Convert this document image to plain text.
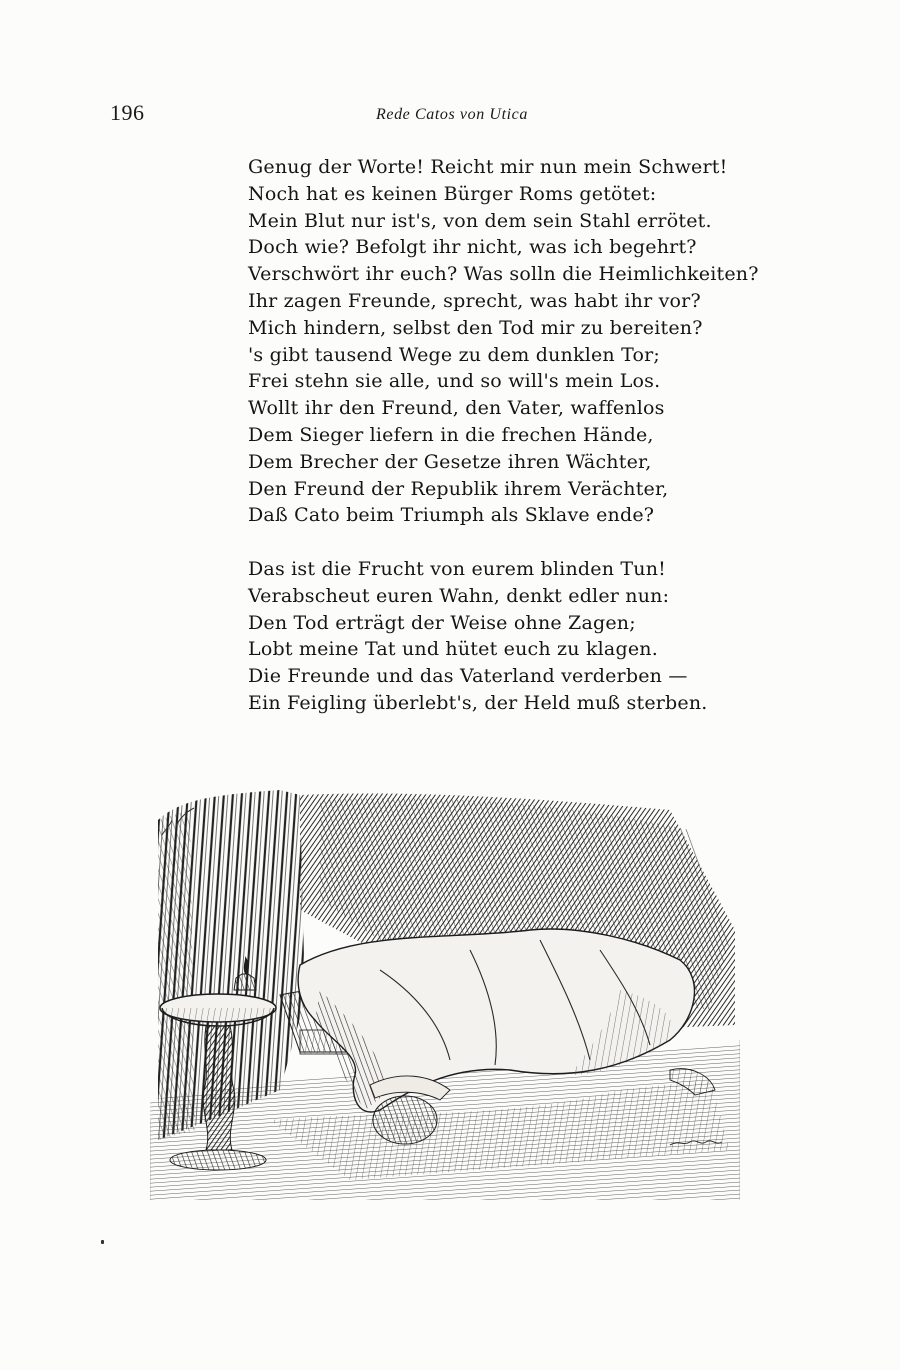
196	Rede Catos von Utica
Genug der Worte! Reicht mir nun mein Schwert!
Noch hat es keinen Bürger Roms getötet:
Mein Blut nur ist's, von dem sein Stahl errötet.
Doch wie? Befolgt ihr nicht, was ich begehrt?
Verschwört ihr euch? Was solln die Heimlichkeiten?
Ihr zagen Freunde, sprecht, was habt ihr vor?
Mich hindern, selbst den Tod mir zu bereiten?
's gibt tausend Wege zu dem dunklen Tor;
Frei stehn sie alle, und so will's mein Los.
Wollt ihr den Freund, den Vater, waffenlos
Dem Sieger liefern in die frechen Hände,
Dem Brecher der Gesetze ihren Wächter,
Den Freund der Republik ihrem Verächter,
Daß Cato beim Triumph als Sklave ende?
Das ist die Frucht von eurem blinden Tun!
Verabscheut euren Wahn, denkt edler nun:
Den Tod erträgt der Weise ohne Zagen;
Lobt meine Tat und hütet euch zu klagen.
Die Freunde und das Vaterland verderben —
Ein Feigling überlebt's, der Held muß sterben.
